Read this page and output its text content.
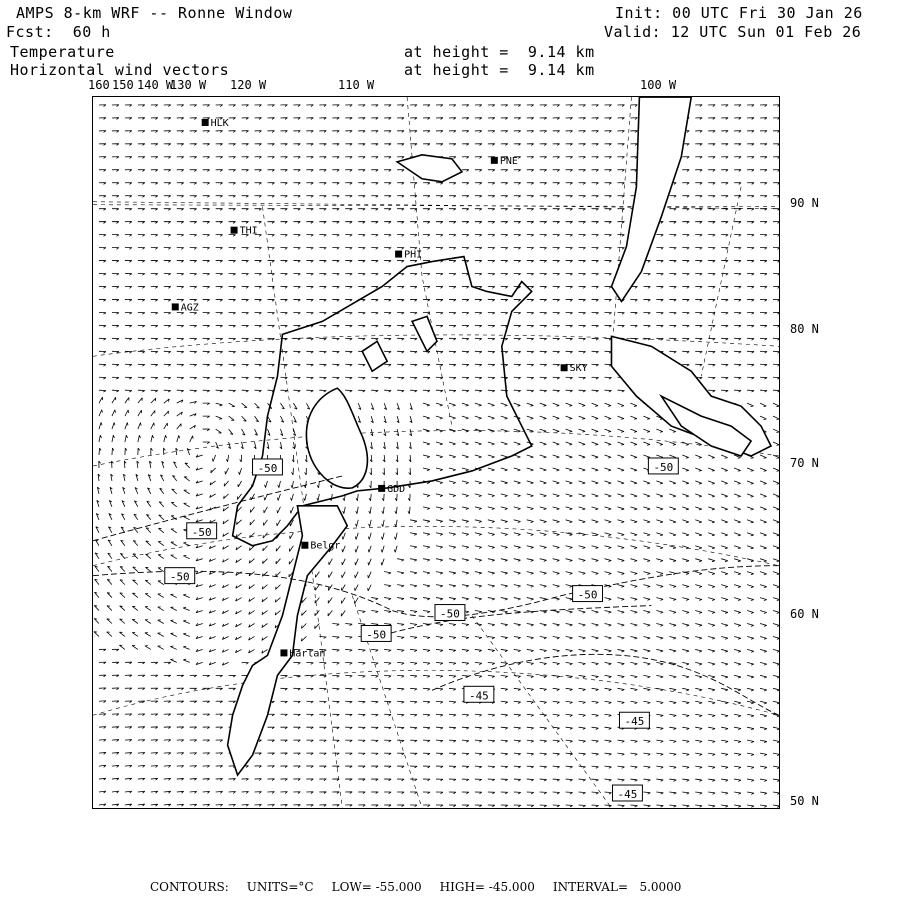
AMPS 8-km WRF -- Ronne Window	Init: 00 UTC Fri 30 Jan 26
Fcst:  60 h	Valid: 12 UTC Sun 01 Feb 26
Temperature	at height =  9.14 km
Horizontal wind vectors	at height =  9.14 km
160 150 140 W
130 W 120 W	110 W	100 W
90 N
80 N
70 N
60 N
50 N
-50
-50
-50
-50
-50
-50
-50
-45
-45
-45
HLK
PNE
THI
PHI
AGZ
SKY
GDD
Belgr
Harlan
CONTOURS: UNITS=°C LOW= -55.000 HIGH= -45.000 INTERVAL=   5.0000
